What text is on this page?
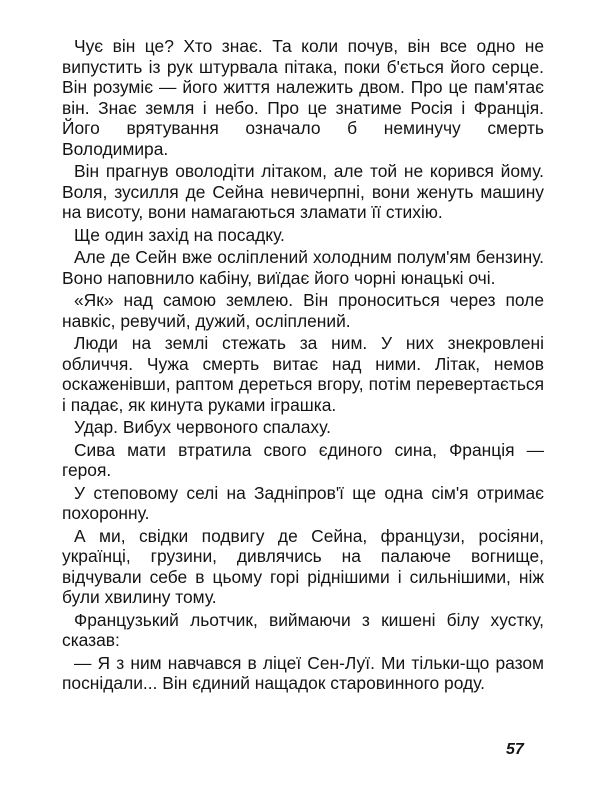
Чує він це? Хто знає. Та коли почув, він все одно не випустить із рук штурвала пітака, поки б'ється його серце. Він розуміє — його життя належить двом. Про це пам'ятає він. Знає земля і небо. Про це знатиме Росія і Франція. Його врятування означало б неминучу смерть Володимира.

Він прагнув оволодіти літаком, але той не корився йому. Воля, зусилля де Сейна невичерпні, вони женуть машину на висоту, вони намагаються зламати її стихію.

Ще один захід на посадку.

Але де Сейн вже осліплений холодним полум'ям бензину. Воно наповнило кабіну, виїдає його чорні юнацькі очі.

«Як» над самою землею. Він проноситься через поле навкіс, ревучий, дужий, осліплений.

Люди на землі стежать за ним. У них знекровлені обличчя. Чужа смерть витає над ними. Літак, немов оскаженівши, раптом дереться вгору, потім перевертається і падає, як кинута руками іграшка.

Удар. Вибух червоного спалаху.

Сива мати втратила свого єдиного сина, Франція — героя.

У степовому селі на Задніпров'ї ще одна сім'я отримає похоронну.

А ми, свідки подвигу де Сейна, французи, росіяни, українці, грузини, дивлячись на палаюче вогнище, відчували себе в цьому горі ріднішими і сильнішими, ніж були хвилину тому.

Французький льотчик, виймаючи з кишені білу хустку, сказав:

— Я з ним навчався в ліцеї Сен-Луї. Ми тільки-що разом поснідали... Він єдиний нащадок старовинного роду.

57
